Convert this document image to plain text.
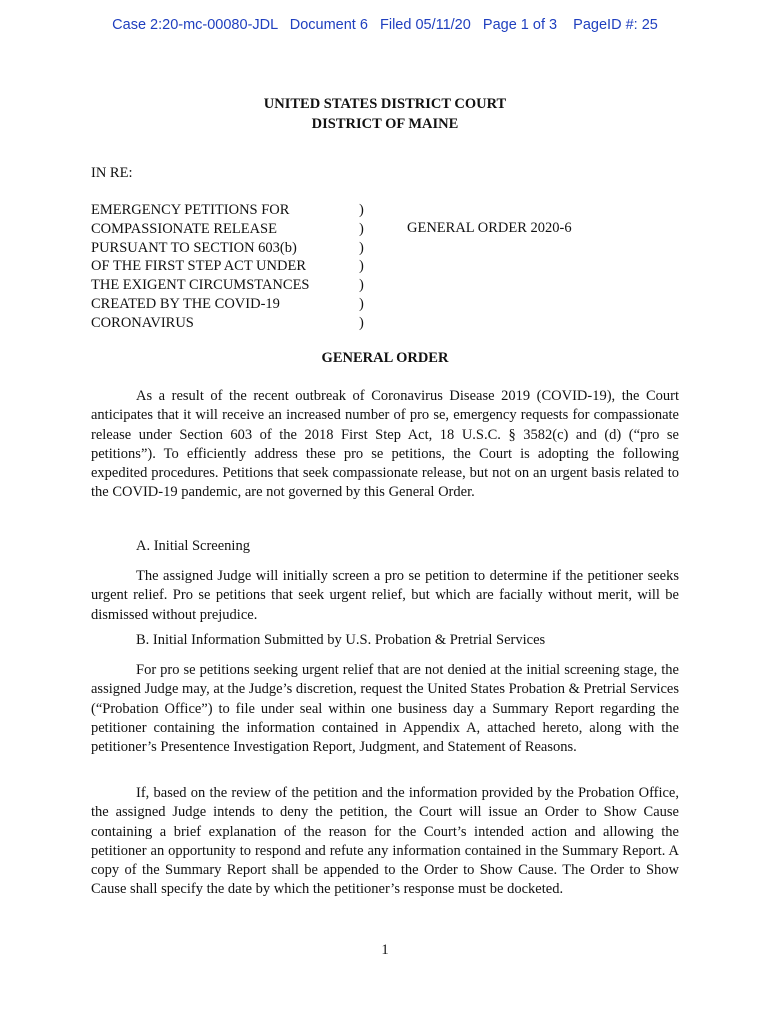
Case 2:20-mc-00080-JDL   Document 6   Filed 05/11/20   Page 1 of 3    PageID #: 25
UNITED STATES DISTRICT COURT
DISTRICT OF MAINE
IN RE:
EMERGENCY PETITIONS FOR	)
COMPASSIONATE RELEASE	)
PURSUANT TO SECTION 603(b)	)
OF THE FIRST STEP ACT UNDER	)
THE EXIGENT CIRCUMSTANCES	)
CREATED BY THE COVID-19	)
CORONAVIRUS	)
GENERAL ORDER 2020-6
GENERAL ORDER

As a result of the recent outbreak of Coronavirus Disease 2019 (COVID-19), the Court anticipates that it will receive an increased number of pro se, emergency requests for compassionate release under Section 603 of the 2018 First Step Act, 18 U.S.C. § 3582(c) and (d) (“pro se petitions”). To efficiently address these pro se petitions, the Court is adopting the following expedited procedures. Petitions that seek compassionate release, but not on an urgent basis related to the COVID-19 pandemic, are not governed by this General Order.

A. Initial Screening

The assigned Judge will initially screen a pro se petition to determine if the petitioner seeks urgent relief. Pro se petitions that seek urgent relief, but which are facially without merit, will be dismissed without prejudice.

B. Initial Information Submitted by U.S. Probation & Pretrial Services

For pro se petitions seeking urgent relief that are not denied at the initial screening stage, the assigned Judge may, at the Judge’s discretion, request the United States Probation & Pretrial Services (“Probation Office”) to file under seal within one business day a Summary Report regarding the petitioner containing the information contained in Appendix A, attached hereto, along with the petitioner’s Presentence Investigation Report, Judgment, and Statement of Reasons.

If, based on the review of the petition and the information provided by the Probation Office, the assigned Judge intends to deny the petition, the Court will issue an Order to Show Cause containing a brief explanation of the reason for the Court’s intended action and allowing the petitioner an opportunity to respond and refute any information contained in the Summary Report. A copy of the Summary Report shall be appended to the Order to Show Cause. The Order to Show Cause shall specify the date by which the petitioner’s response must be docketed.

1
